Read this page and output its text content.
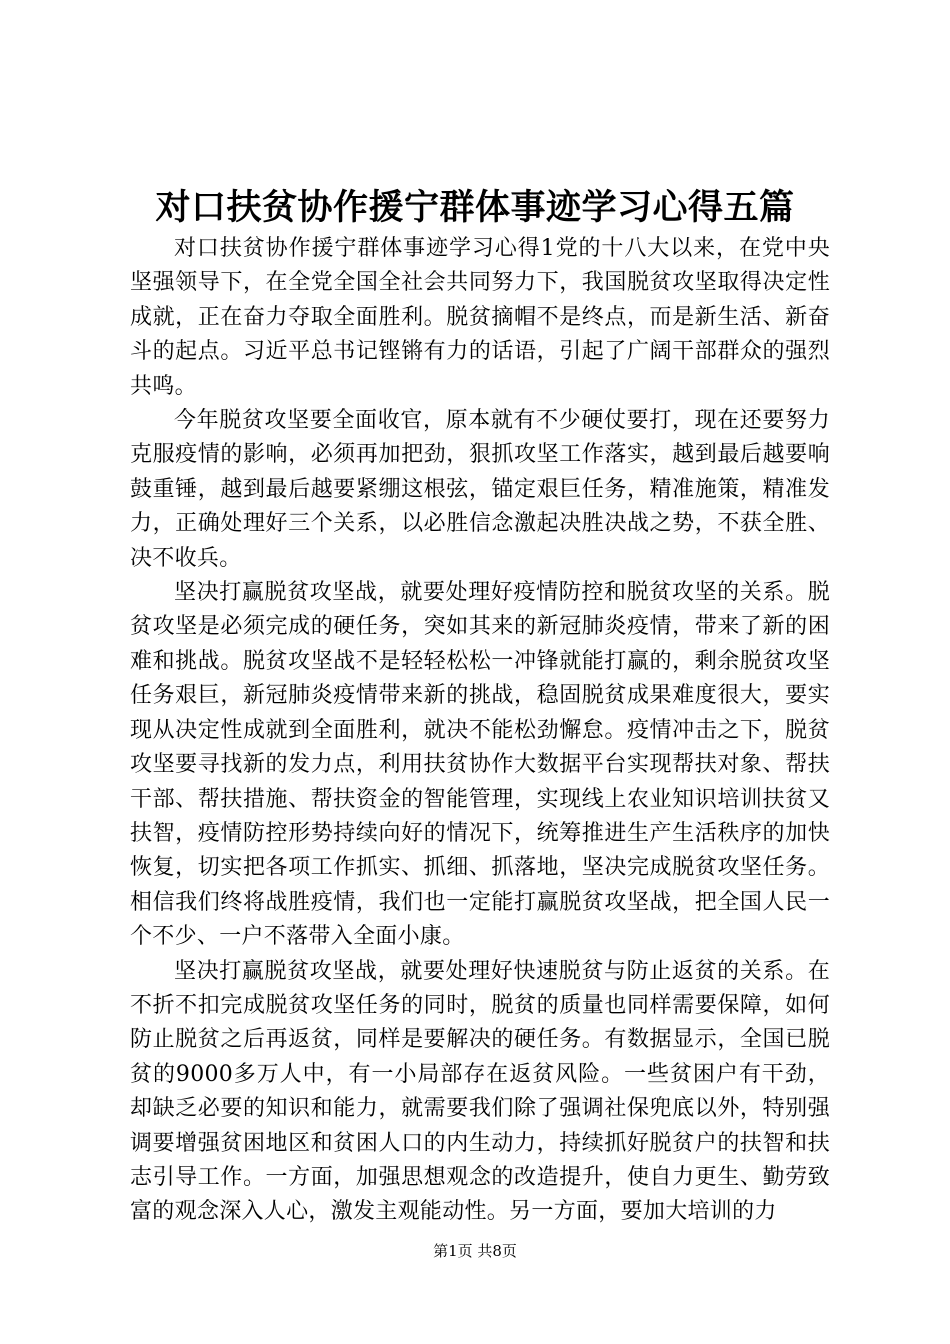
对口扶贫协作援宁群体事迹学习心得五篇

对口扶贫协作援宁群体事迹学习心得1党的十八大以来，在党中央坚强领导下，在全党全国全社会共同努力下，我国脱贫攻坚取得决定性成就，正在奋力夺取全面胜利。脱贫摘帽不是终点，而是新生活、新奋斗的起点。习近平总书记铿锵有力的话语，引起了广阔干部群众的强烈共鸣。

今年脱贫攻坚要全面收官，原本就有不少硬仗要打，现在还要努力克服疫情的影响，必须再加把劲，狠抓攻坚工作落实，越到最后越要响鼓重锤，越到最后越要紧绷这根弦，锚定艰巨任务，精准施策，精准发力，正确处理好三个关系，以必胜信念激起决胜决战之势，不获全胜、决不收兵。

坚决打赢脱贫攻坚战，就要处理好疫情防控和脱贫攻坚的关系。脱贫攻坚是必须完成的硬任务，突如其来的新冠肺炎疫情，带来了新的困难和挑战。脱贫攻坚战不是轻轻松松一冲锋就能打赢的，剩余脱贫攻坚任务艰巨，新冠肺炎疫情带来新的挑战，稳固脱贫成果难度很大，要实现从决定性成就到全面胜利，就决不能松劲懈怠。疫情冲击之下，脱贫攻坚要寻找新的发力点，利用扶贫协作大数据平台实现帮扶对象、帮扶干部、帮扶措施、帮扶资金的智能管理，实现线上农业知识培训扶贫又扶智，疫情防控形势持续向好的情况下，统筹推进生产生活秩序的加快恢复，切实把各项工作抓实、抓细、抓落地，坚决完成脱贫攻坚任务。相信我们终将战胜疫情，我们也一定能打赢脱贫攻坚战，把全国人民一个不少、一户不落带入全面小康。

坚决打赢脱贫攻坚战，就要处理好快速脱贫与防止返贫的关系。在不折不扣完成脱贫攻坚任务的同时，脱贫的质量也同样需要保障，如何防止脱贫之后再返贫，同样是要解决的硬任务。有数据显示，全国已脱贫的9000多万人中，有一小局部存在返贫风险。一些贫困户有干劲，却缺乏必要的知识和能力，就需要我们除了强调社保兜底以外，特别强调要增强贫困地区和贫困人口的内生动力，持续抓好脱贫户的扶智和扶志引导工作。一方面，加强思想观念的改造提升，使自力更生、勤劳致富的观念深入人心，激发主观能动性。另一方面，要加大培训的力

第1页 共8页
